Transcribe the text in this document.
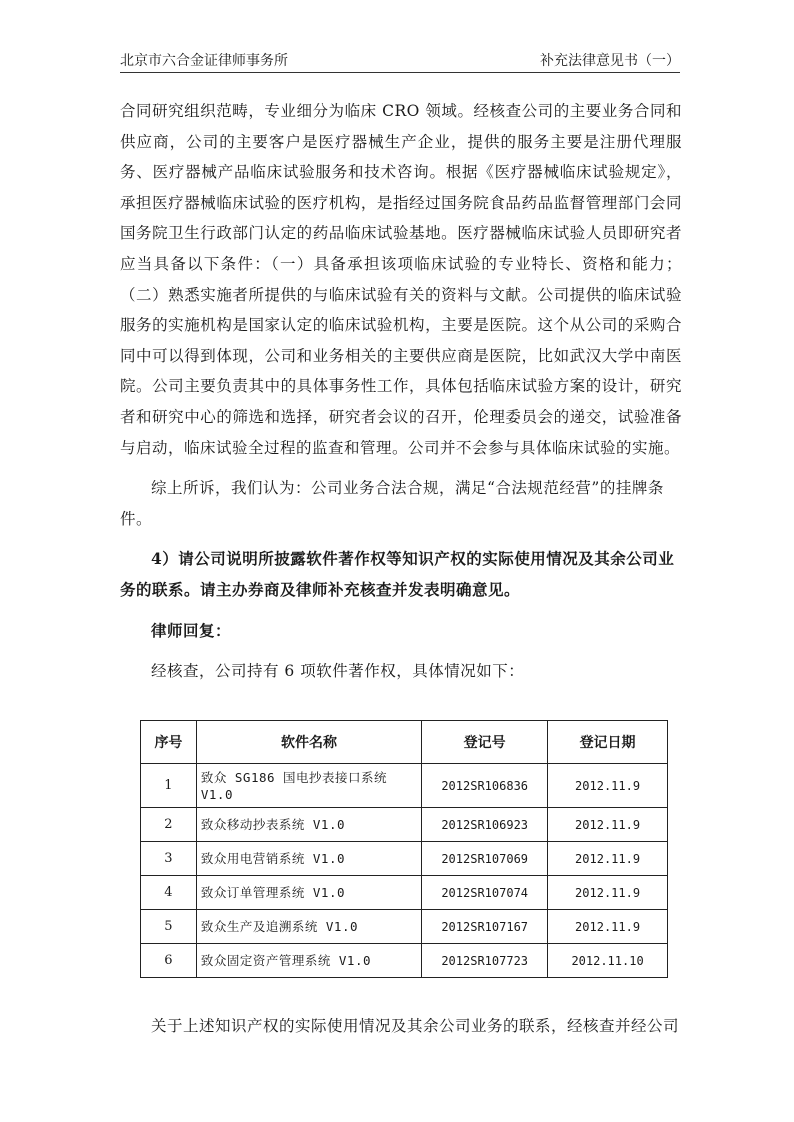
北京市六合金证律师事务所	补充法律意见书（一）

合同研究组织范畴，专业细分为临床 CRO 领域。经核查公司的主要业务合同和供应商，公司的主要客户是医疗器械生产企业，提供的服务主要是注册代理服务、医疗器械产品临床试验服务和技术咨询。根据《医疗器械临床试验规定》，承担医疗器械临床试验的医疗机构，是指经过国务院食品药品监督管理部门会同国务院卫生行政部门认定的药品临床试验基地。医疗器械临床试验人员即研究者应当具备以下条件：（一）具备承担该项临床试验的专业特长、资格和能力；（二）熟悉实施者所提供的与临床试验有关的资料与文献。公司提供的临床试验服务的实施机构是国家认定的临床试验机构，主要是医院。这个从公司的采购合同中可以得到体现，公司和业务相关的主要供应商是医院，比如武汉大学中南医院。公司主要负责其中的具体事务性工作，具体包括临床试验方案的设计，研究者和研究中心的筛选和选择，研究者会议的召开，伦理委员会的递交，试验准备与启动，临床试验全过程的监查和管理。公司并不会参与具体临床试验的实施。

综上所诉，我们认为：公司业务合法合规，满足“合法规范经营”的挂牌条件。

4）请公司说明所披露软件著作权等知识产权的实际使用情况及其余公司业务的联系。请主办券商及律师补充核查并发表明确意见。

律师回复：

经核查，公司持有 6 项软件著作权，具体情况如下：

序号	软件名称	登记号	登记日期
1	致众 SG186 国电抄表接口系统 V1.0	2012SR106836	2012.11.9
2	致众移动抄表系统 V1.0	2012SR106923	2012.11.9
3	致众用电营销系统 V1.0	2012SR107069	2012.11.9
4	致众订单管理系统 V1.0	2012SR107074	2012.11.9
5	致众生产及追溯系统 V1.0	2012SR107167	2012.11.9
6	致众固定资产管理系统 V1.0	2012SR107723	2012.11.10

关于上述知识产权的实际使用情况及其余公司业务的联系，经核查并经公司
